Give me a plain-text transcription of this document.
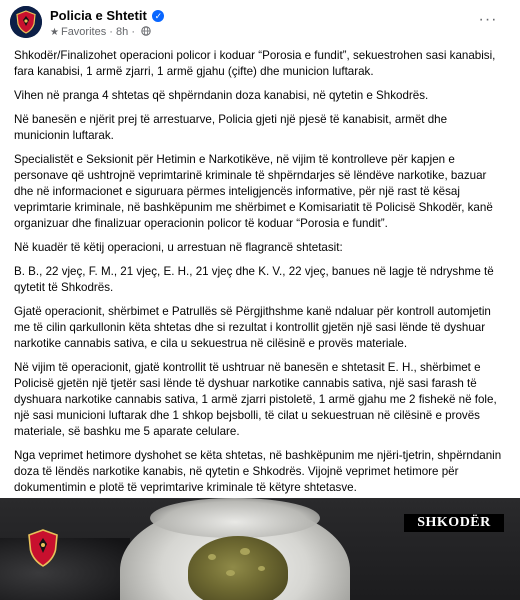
Policia e Shtetit ✓
★ Favorites · 8h ·
···

Shkodër/Finalizohet operacioni policor i koduar “Porosia e fundit”, sekuestrohen sasi kanabisi, fara kanabisi, 1 armë zjarri, 1 armë gjahu (çifte) dhe municion luftarak.

Vihen në pranga 4 shtetas që shpërndanin doza kanabisi, në qytetin e Shkodrës.

Në banesën e njërit prej të arrestuarve, Policia gjeti një pjesë të kanabisit, armët dhe municionin luftarak.

Specialistët e Seksionit për Hetimin e Narkotikëve, në vijim të kontrolleve për kapjen e personave që ushtrojnë veprimtarinë kriminale të shpërndarjes së lëndëve narkotike, bazuar dhe në informacionet e siguruara përmes inteligjencës informative, për një rast të kësaj veprimtarie kriminale, në bashkëpunim me shërbimet e Komisariatit të Policisë Shkodër, kanë organizuar dhe finalizuar operacionin policor të koduar “Porosia e fundit”.

Në kuadër të këtij operacioni, u arrestuan në flagrancë shtetasit:

B. B., 22 vjeç, F. M., 21 vjeç, E. H., 21 vjeç dhe K. V., 22 vjeç, banues në lagje të ndryshme të qytetit të Shkodrës.

Gjatë operacionit, shërbimet e Patrullës së Përgjithshme kanë ndaluar për kontroll automjetin me të cilin qarkullonin këta shtetas dhe si rezultat i kontrollit gjetën një sasi lënde të dyshuar narkotike cannabis sativa, e cila u sekuestrua në cilësinë e provës materiale.

Në vijim të operacionit, gjatë kontrollit të ushtruar në banesën e shtetasit E. H., shërbimet e Policisë gjetën një tjetër sasi lënde të dyshuar narkotike cannabis sativa, një sasi farash të dyshuara narkotike cannabis sativa, 1 armë zjarri pistoletë, 1 armë gjahu me 2 fishekë në fole, një sasi municioni luftarak dhe 1 shkop bejsbolli, të cilat u sekuestruan në cilësinë e provës materiale, së bashku me 5 aparate celulare.

Nga veprimet hetimore dyshohet se këta shtetas, në bashkëpunim me njëri-tjetrin, shpërndanin doza të lëndës narkotike kanabis, në qytetin e Shkodrës. Vijojnë veprimet hetimore për dokumentimin e plotë të veprimtarive kriminale të këtyre shtetasve.

SHKODËR
